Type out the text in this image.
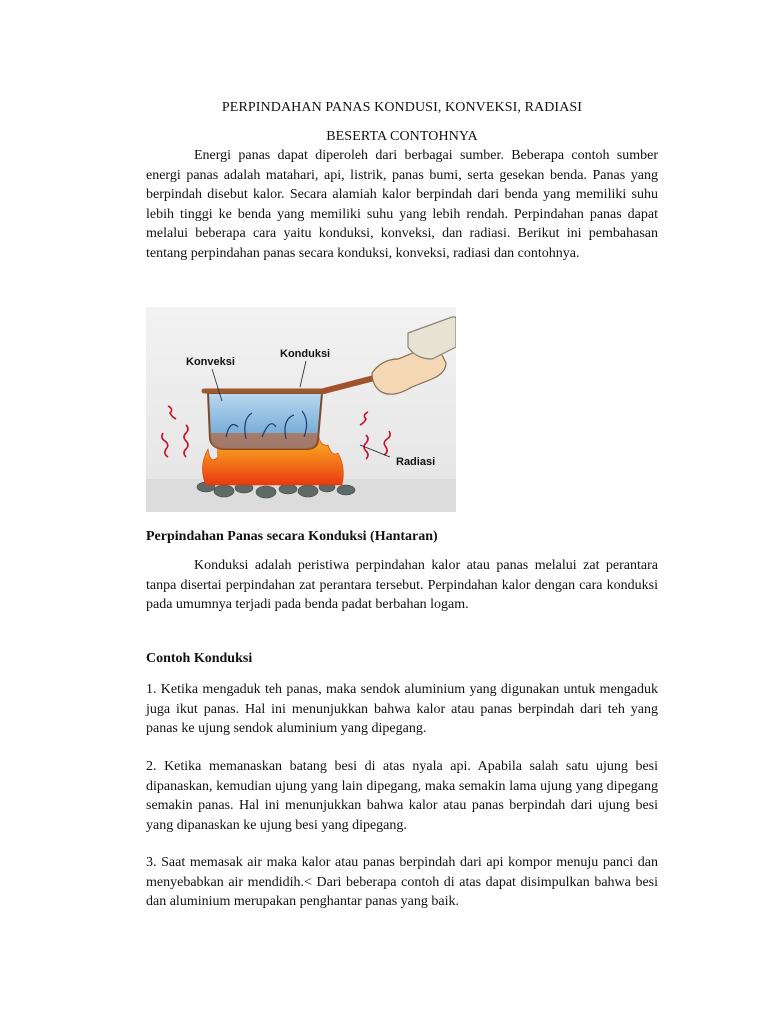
PERPINDAHAN PANAS KONDUSI, KONVEKSI, RADIASI

BESERTA CONTOHNYA

Energi panas dapat diperoleh dari berbagai sumber. Beberapa contoh sumber energi panas adalah matahari, api, listrik, panas bumi, serta gesekan benda. Panas yang berpindah disebut kalor. Secara alamiah kalor berpindah dari benda yang memiliki suhu lebih tinggi ke benda yang memiliki suhu yang lebih rendah. Perpindahan panas dapat melalui beberapa cara yaitu konduksi, konveksi, dan radiasi. Berikut ini pembahasan tentang perpindahan panas secara konduksi, konveksi, radiasi dan contohnya.

Konveksi
Konduksi
Radiasi
Perpindahan Panas secara Konduksi (Hantaran)

Konduksi adalah peristiwa perpindahan kalor atau panas melalui zat perantara tanpa disertai perpindahan zat perantara tersebut. Perpindahan kalor dengan cara konduksi pada umumnya terjadi pada benda padat berbahan logam.

Contoh Konduksi

1. Ketika mengaduk teh panas, maka sendok aluminium yang digunakan untuk mengaduk juga ikut panas. Hal ini menunjukkan bahwa kalor atau panas berpindah dari teh yang panas ke ujung sendok aluminium yang dipegang.

2. Ketika memanaskan batang besi di atas nyala api. Apabila salah satu ujung besi dipanaskan, kemudian ujung yang lain dipegang, maka semakin lama ujung yang dipegang semakin panas. Hal ini menunjukkan bahwa kalor atau panas berpindah dari ujung besi yang dipanaskan ke ujung besi yang dipegang.

3. Saat memasak air maka kalor atau panas berpindah dari api kompor menuju panci dan menyebabkan air mendidih.< Dari beberapa contoh di atas dapat disimpulkan bahwa besi dan aluminium merupakan penghantar panas yang baik.
